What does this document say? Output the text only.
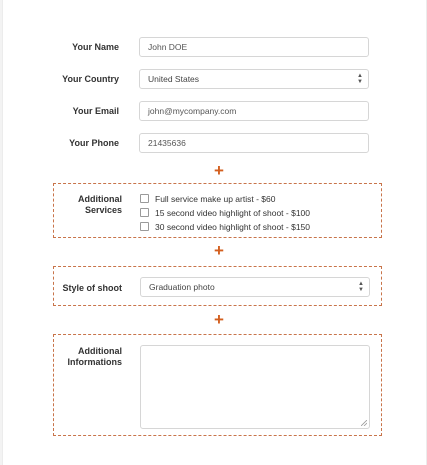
Your Name	John DOE
Your Country	United States	▲
▼
Your Email	john@mycompany.com
Your Phone	21435636
+
Additional
Services
Full service make up artist - $60
15 second video highlight of shoot - $100
30 second video highlight of shoot - $150
+
Style of shoot	Graduation photo	▲
▼
+
Additional
Informations
